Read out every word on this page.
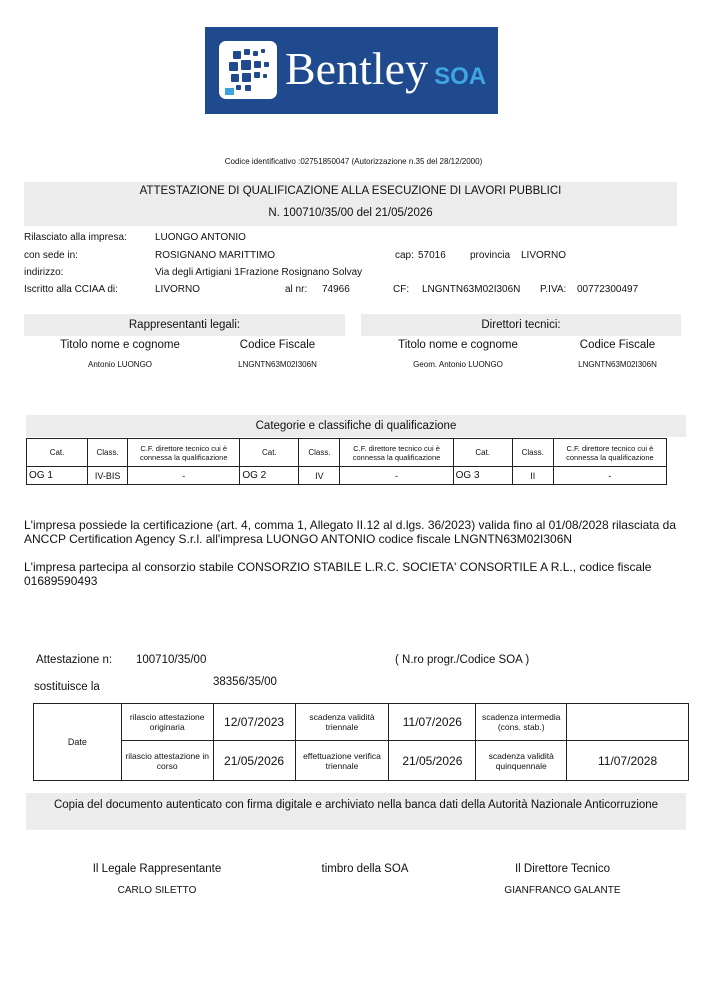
Bentley SOA
Codice identificativo :02751850047 (Autorizzazione n.35 del 28/12/2000)
ATTESTAZIONE DI QUALIFICAZIONE ALLA ESECUZIONE DI LAVORI PUBBLICI
N. 100710/35/00 del 21/05/2026
Rilasciato alla impresa:	LUONGO ANTONIO
con sede in:	ROSIGNANO MARITTIMO	cap: 57016 provincia LIVORNO
indirizzo:	Via degli Artigiani 1Frazione Rosignano Solvay
Iscritto alla CCIAA di:	LIVORNO	al nr: 74966	CF: LNGNTN63M02I306N P.IVA: 00772300497
Rappresentanti legali:	Direttori tecnici:
Titolo nome e cognome	Codice Fiscale	Titolo nome e cognome	Codice Fiscale
Antonio LUONGO	LNGNTN63M02I306N	Geom. Antonio LUONGO	LNGNTN63M02I306N
Categorie e classifiche di qualificazione
Cat.	Class.	C.F. direttore tecnico cui è connessa la qualificazione	Cat.	Class.	C.F. direttore tecnico cui è connessa la qualificazione	Cat.	Class.	C.F. direttore tecnico cui è connessa la qualificazione
OG 1	IV-BIS	-	OG 2	IV	-	OG 3	II	-
L'impresa possiede la certificazione (art. 4, comma 1, Allegato II.12 al d.lgs. 36/2023) valida fino al 01/08/2028 rilasciata da ANCCP Certification Agency S.r.l. all'impresa LUONGO ANTONIO codice fiscale LNGNTN63M02I306N
L'impresa partecipa al consorzio stabile CONSORZIO STABILE L.R.C. SOCIETA' CONSORTILE A R.L., codice fiscale 01689590493
Attestazione n: 100710/35/00	( N.ro progr./Codice SOA )
sostituisce la	38356/35/00
Date	rilascio attestazione originaria	12/07/2023	scadenza validità triennale	11/07/2026	scadenza intermedia (cons. stab.)	
	rilascio attestazione in corso	21/05/2026	effettuazione verifica triennale	21/05/2026	scadenza validità quinquennale	11/07/2028
Copia del documento autenticato con firma digitale e archiviato nella banca dati della Autorità Nazionale Anticorruzione
Il Legale Rappresentante
CARLO SILETTO
timbro della SOA	Il Direttore Tecnico
GIANFRANCO GALANTE
